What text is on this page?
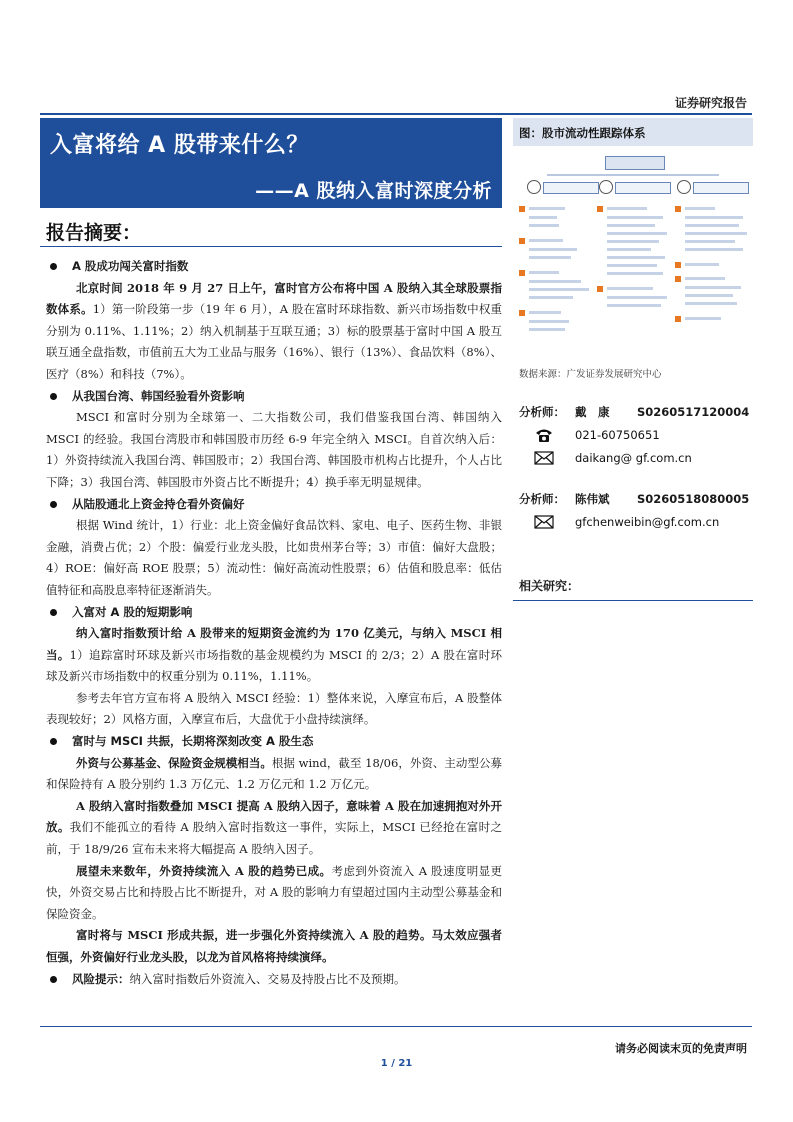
证券研究报告
入富将给 A 股带来什么？
——A 股纳入富时深度分析
报告摘要：
A 股成功闯关富时指数
北京时间 2018 年 9 月 27 日上午，富时官方公布将中国 A 股纳入其全球股票指数体系。1）第一阶段第一步（19 年 6 月），A 股在富时环球指数、新兴市场指数中权重分别为 0.11%、1.11%；2）纳入机制基于互联互通；3）标的股票基于富时中国 A 股互联互通全盘指数，市值前五大为工业品与服务（16%）、银行（13%）、食品饮料（8%）、医疗（8%）和科技（7%）。
从我国台湾、韩国经验看外资影响
MSCI 和富时分别为全球第一、二大指数公司，我们借鉴我国台湾、韩国纳入 MSCI 的经验。我国台湾股市和韩国股市历经 6-9 年完全纳入 MSCI。自首次纳入后：1）外资持续流入我国台湾、韩国股市；2）我国台湾、韩国股市机构占比提升，个人占比下降；3）我国台湾、韩国股市外资占比不断提升；4）换手率无明显规律。
从陆股通北上资金持仓看外资偏好
根据 Wind 统计，1）行业：北上资金偏好食品饮料、家电、电子、医药生物、非银金融，消费占优；2）个股：偏爱行业龙头股，比如贵州茅台等；3）市值：偏好大盘股；4）ROE：偏好高 ROE 股票；5）流动性：偏好高流动性股票；6）估值和股息率：低估值特征和高股息率特征逐渐消失。
入富对 A 股的短期影响
纳入富时指数预计给 A 股带来的短期资金流约为 170 亿美元，与纳入 MSCI 相当。1）追踪富时环球及新兴市场指数的基金规模约为 MSCI 的 2/3；2）A 股在富时环球及新兴市场指数中的权重分别为 0.11%，1.11%。
参考去年官方宣布将 A 股纳入 MSCI 经验：1）整体来说，入摩宣布后，A 股整体表现较好；2）风格方面，入摩宣布后，大盘优于小盘持续演绎。
富时与 MSCI 共振，长期将深刻改变 A 股生态
外资与公募基金、保险资金规模相当。根据 wind，截至 18/06，外资、主动型公募和保险持有 A 股分别约 1.3 万亿元、1.2 万亿元和 1.2 万亿元。
A 股纳入富时指数叠加 MSCI 提高 A 股纳入因子，意味着 A 股在加速拥抱对外开放。我们不能孤立的看待 A 股纳入富时指数这一事件，实际上，MSCI 已经抢在富时之前，于 18/9/26 宣布未来将大幅提高 A 股纳入因子。
展望未来数年，外资持续流入 A 股的趋势已成。考虑到外资流入 A 股速度明显更快，外资交易占比和持股占比不断提升，对 A 股的影响力有望超过国内主动型公募基金和保险资金。
富时将与 MSCI 形成共振，进一步强化外资持续流入 A 股的趋势。马太效应强者恒强，外资偏好行业龙头股，以龙为首风格将持续演绎。
风险提示：纳入富时指数后外资流入、交易及持股占比不及预期。
图：股市流动性跟踪体系
数据来源：广发证券发展研究中心
分析师： 戴　康	S0260517120004
021-60750651
daikang@ gf.com.cn
分析师： 陈伟斌	S0260518080005
gfchenweibin@gf.com.cn
相关研究：
请务必阅读末页的免责声明
1 / 21
